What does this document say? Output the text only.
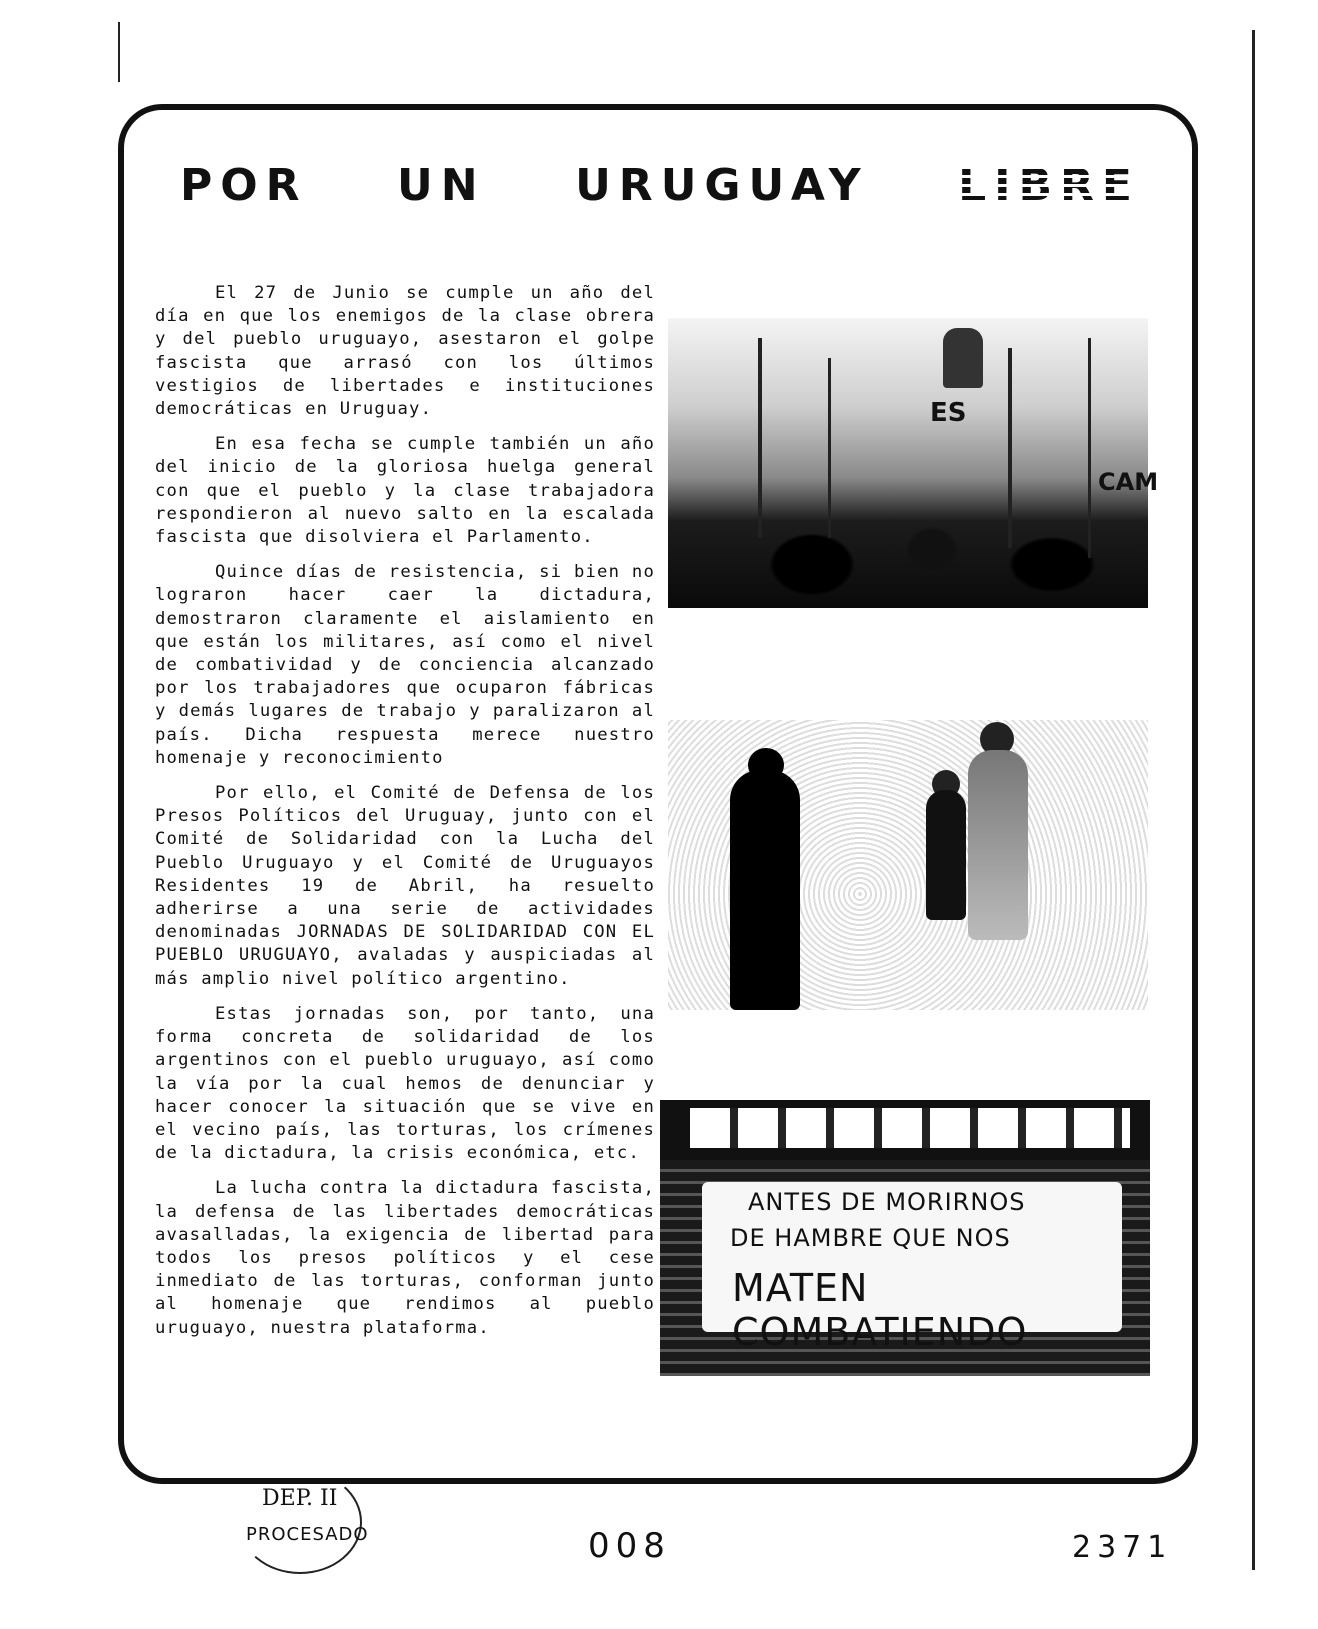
POR UN URUGUAY LIBRE

El 27 de Junio se cumple un año del día en que los enemigos de la clase obrera y del pueblo uruguayo, asestaron el golpe fascista que arrasó con los últimos vestigios de libertades e instituciones democráticas en Uruguay.

En esa fecha se cumple también un año del inicio de la gloriosa huelga general con que el pueblo y la clase trabajadora respondieron al nuevo salto en la escalada fascista que disolviera el Parlamento.

Quince días de resistencia, si bien no lograron hacer caer la dictadura, demostraron claramente el aislamiento en que están los militares, así como el nivel de combatividad y de conciencia alcanzado por los trabajadores que ocuparon fábricas y demás lugares de trabajo y paralizaron al país. Dicha respuesta merece nuestro homenaje y reconocimiento

Por ello, el Comité de Defensa de los Presos Políticos del Uruguay, junto con el Comité de Solidaridad con la Lucha del Pueblo Uruguayo y el Comité de Uruguayos Residentes 19 de Abril, ha resuelto adherirse a una serie de actividades denominadas JORNADAS DE SOLIDARIDAD CON EL PUEBLO URUGUAYO, avaladas y auspiciadas al más amplio nivel político argentino.

Estas jornadas son, por tanto, una forma concreta de solidaridad de los argentinos con el pueblo uruguayo, así como la vía por la cual hemos de denunciar y hacer conocer la situación que se vive en el vecino país, las torturas, los crímenes de la dictadura, la crisis económica, etc.

La lucha contra la dictadura fascista, la defensa de las libertades democráticas avasalladas, la exigencia de libertad para todos los presos políticos y el cese inmediato de las torturas, conforman junto al homenaje que rendimos al pueblo uruguayo, nuestra plataforma.

ES
CAM
ANTES DE MORIRNOS
DE HAMBRE QUE NOS
MATEN COMBATIENDO
DEP. II
PROCESADO	008	2371
